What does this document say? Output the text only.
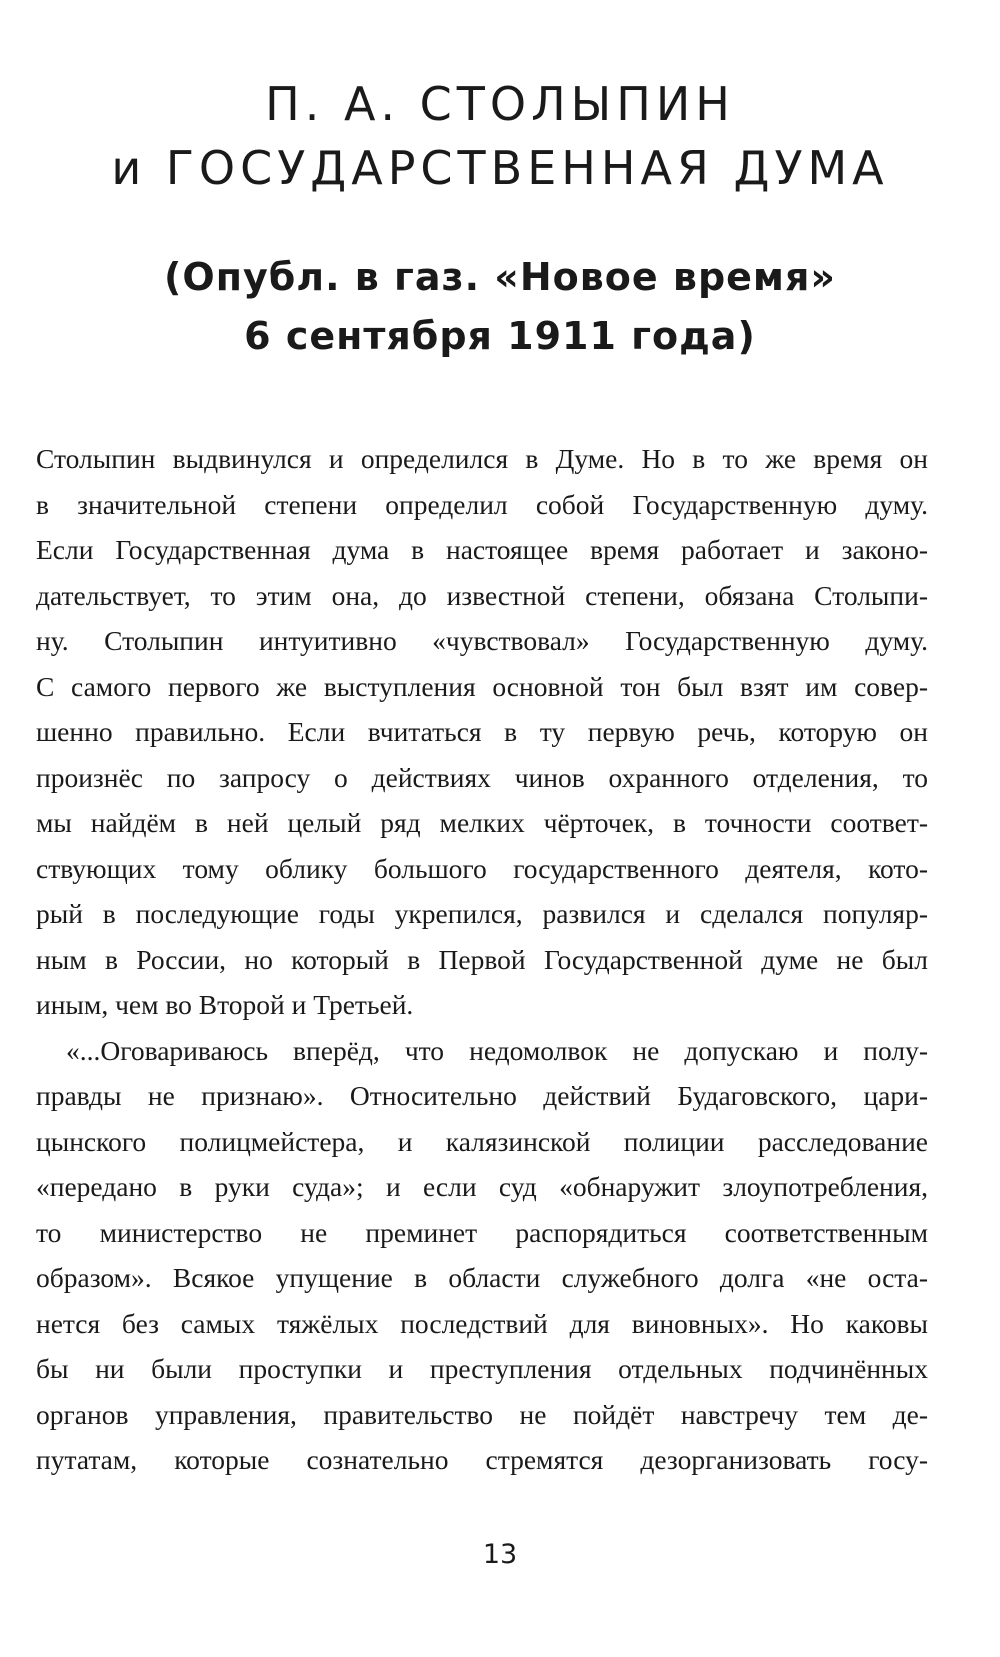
П. А. СТОЛЫПИН
и ГОСУДАРСТВЕННАЯ ДУМА
(Опубл. в газ. «Новое время»
6 сентября 1911 года)
Столыпин выдвинулся и определился в Думе. Но в то же время он
в значительной степени определил собой Государственную думу.
Если Государственная дума в настоящее время работает и законо-
дательствует, то этим она, до известной степени, обязана Столыпи-
ну. Столыпин интуитивно «чувствовал» Государственную думу.
С самого первого же выступления основной тон был взят им совер-
шенно правильно. Если вчитаться в ту первую речь, которую он
произнёс по запросу о действиях чинов охранного отделения, то
мы найдём в ней целый ряд мелких чёрточек, в точности соответ-
ствующих тому облику большого государственного деятеля, кото-
рый в последующие годы укрепился, развился и сделался популяр-
ным в России, но который в Первой Государственной думе не был
иным, чем во Второй и Третьей.
«...Оговариваюсь вперёд, что недомолвок не допускаю и полу-
правды не признаю». Относительно действий Будаговского, цари-
цынского полицмейстера, и калязинской полиции расследование
«передано в руки суда»; и если суд «обнаружит злоупотребления,
то министерство не преминет распорядиться соответственным
образом». Всякое упущение в области служебного долга «не оста-
нется без самых тяжёлых последствий для виновных». Но каковы
бы ни были проступки и преступления отдельных подчинённых
органов управления, правительство не пойдёт навстречу тем де-
путатам, которые сознательно стремятся дезорганизовать госу-
13
